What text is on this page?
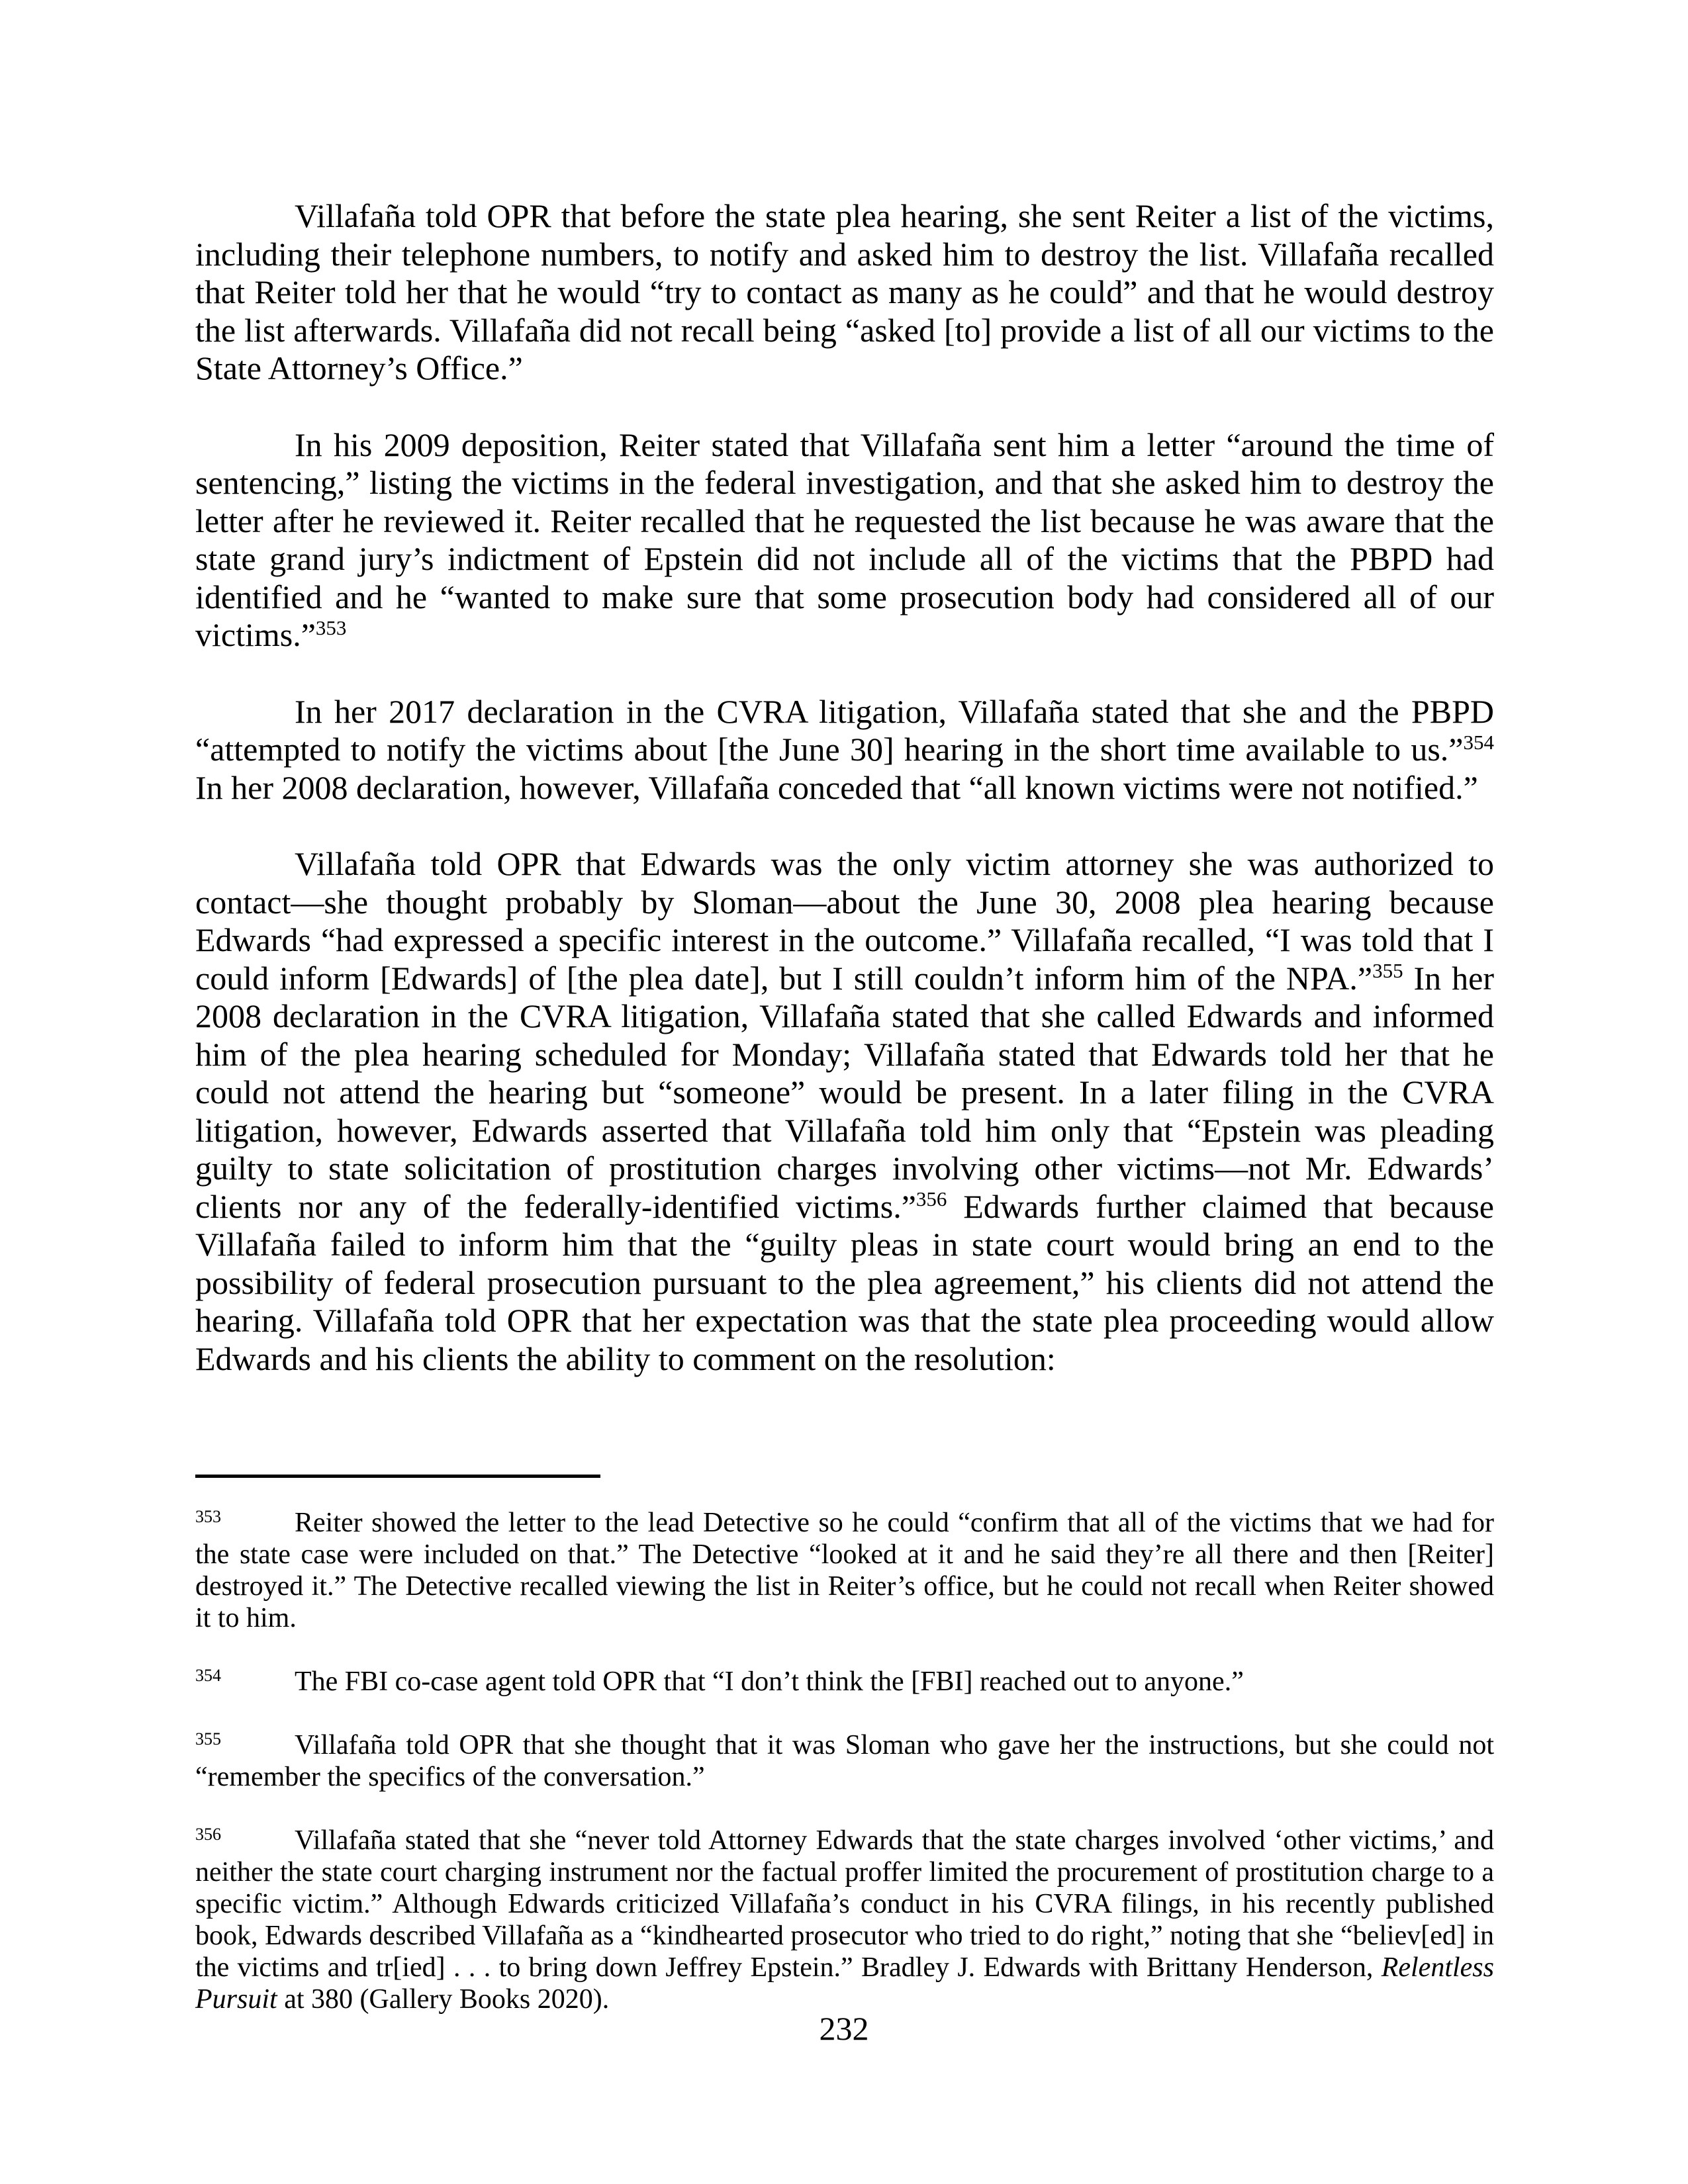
Villafaña told OPR that before the state plea hearing, she sent Reiter a list of the victims, including their telephone numbers, to notify and asked him to destroy the list. Villafaña recalled that Reiter told her that he would “try to contact as many as he could” and that he would destroy the list afterwards. Villafaña did not recall being “asked [to] provide a list of all our victims to the State Attorney’s Office.”

In his 2009 deposition, Reiter stated that Villafaña sent him a letter “around the time of sentencing,” listing the victims in the federal investigation, and that she asked him to destroy the letter after he reviewed it. Reiter recalled that he requested the list because he was aware that the state grand jury’s indictment of Epstein did not include all of the victims that the PBPD had identified and he “wanted to make sure that some prosecution body had considered all of our victims.”$^{353}$

In her 2017 declaration in the CVRA litigation, Villafaña stated that she and the PBPD “attempted to notify the victims about [the June 30] hearing in the short time available to us.”$^{354}$ In her 2008 declaration, however, Villafaña conceded that “all known victims were not notified.”

Villafaña told OPR that Edwards was the only victim attorney she was authorized to contact—she thought probably by Sloman—about the June 30, 2008 plea hearing because Edwards “had expressed a specific interest in the outcome.” Villafaña recalled, “I was told that I could inform [Edwards] of [the plea date], but I still couldn’t inform him of the NPA.”$^{355}$ In her 2008 declaration in the CVRA litigation, Villafaña stated that she called Edwards and informed him of the plea hearing scheduled for Monday; Villafaña stated that Edwards told her that he could not attend the hearing but “someone” would be present. In a later filing in the CVRA litigation, however, Edwards asserted that Villafaña told him only that “Epstein was pleading guilty to state solicitation of prostitution charges involving other victims—not Mr. Edwards’ clients nor any of the federally-identified victims.”$^{356}$ Edwards further claimed that because Villafaña failed to inform him that the “guilty pleas in state court would bring an end to the possibility of federal prosecution pursuant to the plea agreement,” his clients did not attend the hearing. Villafaña told OPR that her expectation was that the state plea proceeding would allow Edwards and his clients the ability to comment on the resolution:

$^{353}$	Reiter showed the letter to the lead Detective so he could “confirm that all of the victims that we had for the state case were included on that.” The Detective “looked at it and he said they’re all there and then [Reiter] destroyed it.” The Detective recalled viewing the list in Reiter’s office, but he could not recall when Reiter showed it to him.
$^{354}$	The FBI co-case agent told OPR that “I don’t think the [FBI] reached out to anyone.”
$^{355}$	Villafaña told OPR that she thought that it was Sloman who gave her the instructions, but she could not “remember the specifics of the conversation.”
$^{356}$	Villafaña stated that she “never told Attorney Edwards that the state charges involved ‘other victims,’ and neither the state court charging instrument nor the factual proffer limited the procurement of prostitution charge to a specific victim.” Although Edwards criticized Villafaña’s conduct in his CVRA filings, in his recently published book, Edwards described Villafaña as a “kindhearted prosecutor who tried to do right,” noting that she “believ[ed] in the victims and tr[ied] . . . to bring down Jeffrey Epstein.” Bradley J. Edwards with Brittany Henderson, Relentless Pursuit at 380 (Gallery Books 2020).
232
